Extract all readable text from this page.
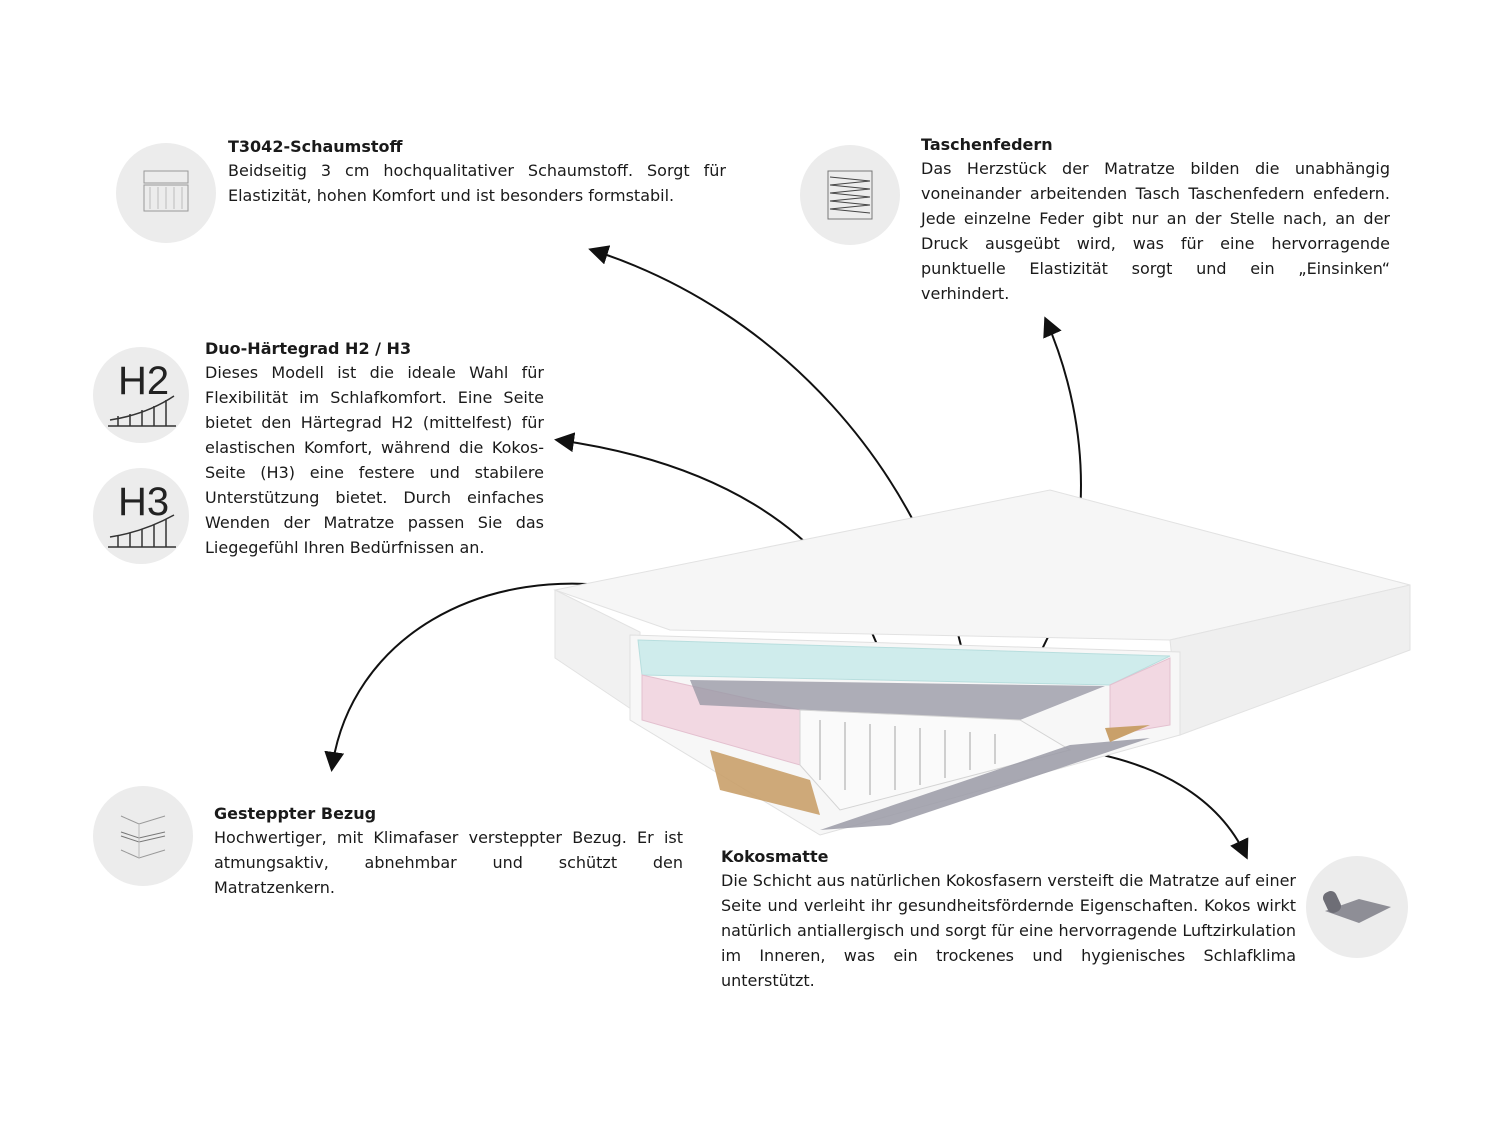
T3042-Schaumstoff

Beidseitig 3 cm hochqualitativer Schaumstoff. Sorgt für Elastizität, hohen Komfort und ist besonders formstabil.

Taschenfedern

Das Herzstück der Matratze bilden die unabhängig voneinander arbeitenden Tasch Taschenfedern enfedern. Jede einzelne Feder gibt nur an der Stelle nach, an der Druck ausgeübt wird, was für eine hervorragende punktuelle Elastizität sorgt und ein „Einsinken“ verhindert.

H2
H3

Duo-Härtegrad H2 / H3

Dieses Modell ist die ideale Wahl für Flexibilität im Schlafkomfort. Eine Seite bietet den Härtegrad H2 (mittelfest) für elastischen Komfort, während die Kokos-Seite (H3) eine festere und stabilere Unterstützung bietet. Durch einfaches Wenden der Matratze passen Sie das Liegegefühl Ihren Bedürfnissen an.

Gesteppter Bezug

Hochwertiger, mit Klimafaser versteppter Bezug. Er ist atmungsaktiv, abnehmbar und schützt den Matratzenkern.

Kokosmatte

Die Schicht aus natürlichen Kokosfasern versteift die Matratze auf einer Seite und verleiht ihr gesundheitsfördernde Eigenschaften. Kokos wirkt natürlich antiallergisch und sorgt für eine hervorragende Luftzirkulation im Inneren, was ein trockenes und hygienisches Schlafklima unterstützt.
